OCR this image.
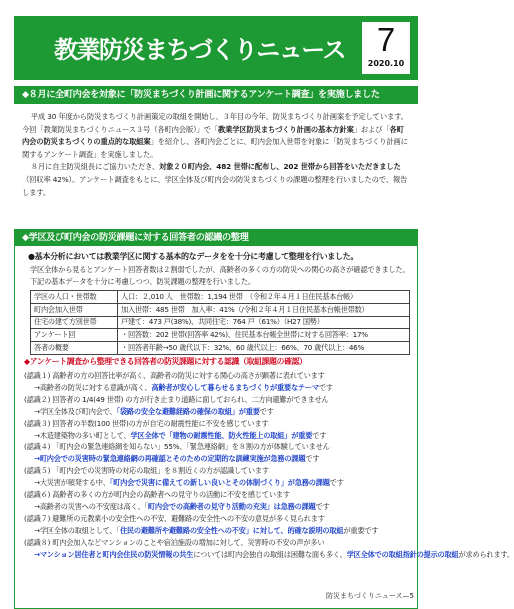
教業防災まちづくりニュース 7
2020.10
◆８月に全町内会を対象に「防災まちづくり計画に関するアンケート調査」を実施しました

平成 30 年度から防災まちづくり計画策定の取組を開始し、３年目の今年、防災まちづくり計画案を予定しています。今回「教業防災まちづくりニュース３号（各町内会版）」で「教業学区防災まちづくり計画の基本方針案」および「各町内会の防災まちづくりの重点的な取組案」を紹介し、各町内会ごとに、町内会加入世帯を対象に「防災まちづくり計画に関するアンケート調査」を実施しました。

８月に自主防災組長にご協力いただき、対象２０町内会、482 世帯に配布し、202 世帯から回答をいただきました（回収率 42%）。アンケート調査をもとに、学区全体及び町内会の防災まちづくりの課題の整理を行いましたので、報告します。

◆学区及び町内会の防災課題に対する回答者の認識の整理
●基本分析においては教業学区に関する基本的なデータをを十分に考慮して整理を行いました。
学区全体から見るとアンケート回答者数は２割弱でしたが、高齢者の多くの方の防災への関心の高さが確認できました。下記の基本データを十分に考慮しつつ、防災課題の整理を行いました。
学区の人口・世帯数	人口：２,010 人　世帯数：1,194 世帯　（令和２年４月１日住民基本台帳）
町内会加入世帯	加入世帯：485 世帯　加入率：41%（/令和２年４月１日住民基本台帳世帯数）
住宅の建て方別世帯	戸建て：473 戸(38%)、共同住宅：764 戸（61%）（H27 国勢）
アンケート回	・回答数：202 世帯(回答率 42%)、住民基本台帳全世帯に対する回答率：17%
答者の概要	・回答者年齢→50 歳代以下：32%、60 歳代以上：66%、70 歳代以上：46%
◆アンケート調査から整理できる回答者の防災課題に対する認識（取組課題の確認）
(認識１) 高齢者の方の回答比率が高く、高齢者の防災に対する関心の高さが顕著に表れています
→高齢者の防災に対する意識が高く、高齢者が安心して暮らせるまちづくりが重要なテーマです
(認識２) 回答者の 1/4(49 世帯) の方が行き止まり道路に面しておられ、二方向避難ができません
→学区全体及び町内会で、「袋路の安全な避難経路の確保の取組」が重要です
(認識３) 回答者の半数(100 世帯)の方が自宅の耐震性能に不安を感じています
→木造建築物の多い町として、学区全体で「建物の耐震性能、防火性能上の取組」が重要です
(認識４) 「町内会の緊急連絡網を知らない」55%、「緊急連絡網」を８割の方が体験していません
→町内会での災害時の緊急連絡網の再確認とそのための定期的な訓練実施が急務の課題です
(認識５) 「町内会での災害時の対応の取組」を８割近くの方が認識しています
→大災害が頻発する中、「町内会で災害に備えての新しい良いとその体制づくり」が急務の課題です
(認識６) 高齢者の多くの方が町内会の高齢者への見守りの活動に不安を感じています
→高齢者の災害への不安度は高く、「町内会での高齢者の見守り活動の充実」は急務の課題です
(認識７) 避難所の元教業小の安全性への不安、避難路の安全性への不安の意見が多く見られます
→学区全体の取組として、「住民の避難所や避難路の安全性への不安」に対して、的確な説明の取組が重要です
(認識８) 町内会加入などマンションのことや宿泊施設の増加に対して、災害時の不安の声が多い
→マンション居住者と町内会住民の防災情報の共生については町内会独自の取組は困難な面も多く、学区全体での取組指針の提示の取組が求められます。
防災まちづくりニュース—5
